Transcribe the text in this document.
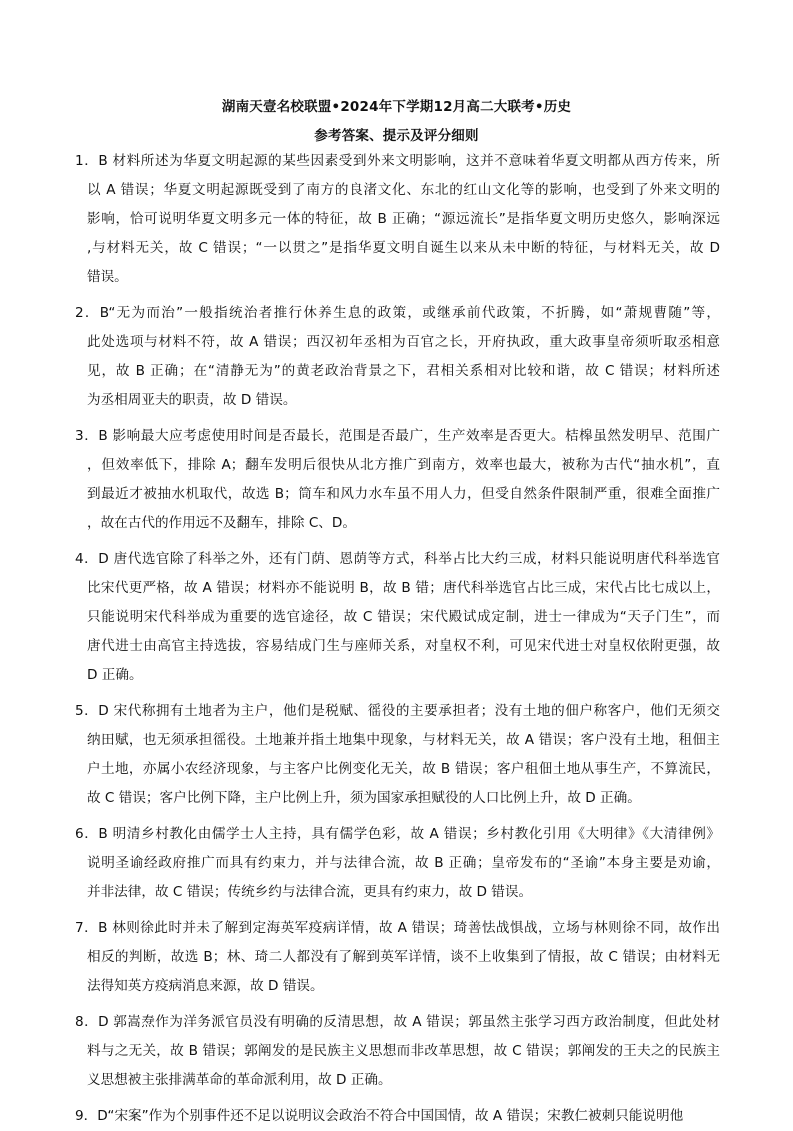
湖南天壹名校联盟•2024年下学期12月高二大联考•历史
参考答案、提示及评分细则
1．B 材料所述为华夏文明起源的某些因素受到外来文明影响，这并不意味着华夏文明都从西方传来，所
以 A 错误；华夏文明起源既受到了南方的良渚文化、东北的红山文化等的影响，也受到了外来文明的
影响，恰可说明华夏文明多元一体的特征，故 B 正确；“源远流长”是指华夏文明历史悠久，影响深远
,与材料无关，故 C 错误；“一以贯之”是指华夏文明自诞生以来从未中断的特征，与材料无关，故 D
错误。
2．B“无为而治”一般指统治者推行休养生息的政策，或继承前代政策，不折腾，如“萧规曹随”等，
此处选项与材料不符，故 A 错误；西汉初年丞相为百官之长，开府执政，重大政事皇帝须听取丞相意
见，故 B 正确；在“清静无为”的黄老政治背景之下，君相关系相对比较和谐，故 C 错误；材料所述
为丞相周亚夫的职责，故 D 错误。
3．B 影响最大应考虑使用时间是否最长，范围是否最广，生产效率是否更大。桔槔虽然发明早、范围广
，但效率低下，排除 A；翻车发明后很快从北方推广到南方，效率也最大，被称为古代“抽水机”，直
到最近才被抽水机取代，故选 B；筒车和风力水车虽不用人力，但受自然条件限制严重，很难全面推广
，故在古代的作用远不及翻车，排除 C、D。
4．D 唐代选官除了科举之外，还有门荫、恩荫等方式，科举占比大约三成，材料只能说明唐代科举选官
比宋代更严格，故 A 错误；材料亦不能说明 B，故 B 错；唐代科举选官占比三成，宋代占比七成以上，
只能说明宋代科举成为重要的选官途径，故 C 错误；宋代殿试成定制，进士一律成为“天子门生”，而
唐代进士由高官主持选拔，容易结成门生与座师关系，对皇权不利，可见宋代进士对皇权依附更强，故
D 正确。
5．D 宋代称拥有土地者为主户，他们是税赋、徭役的主要承担者；没有土地的佃户称客户，他们无须交
纳田赋，也无须承担徭役。土地兼并指土地集中现象，与材料无关，故 A 错误；客户没有土地，租佃主
户土地，亦属小农经济现象，与主客户比例变化无关，故 B 错误；客户租佃土地从事生产，不算流民，
故 C 错误；客户比例下降，主户比例上升，须为国家承担赋役的人口比例上升，故 D 正确。
6．B 明清乡村教化由儒学士人主持，具有儒学色彩，故 A 错误；乡村教化引用《大明律》《大清律例》
说明圣谕经政府推广而具有约束力，并与法律合流，故 B 正确；皇帝发布的“圣谕”本身主要是劝谕，
并非法律，故 C 错误；传统乡约与法律合流，更具有约束力，故 D 错误。
7．B 林则徐此时并未了解到定海英军疫病详情，故 A 错误；琦善怯战惧战，立场与林则徐不同，故作出
相反的判断，故选 B；林、琦二人都没有了解到英军详情，谈不上收集到了情报，故 C 错误；由材料无
法得知英方疫病消息来源，故 D 错误。
8．D 郭嵩焘作为洋务派官员没有明确的反清思想，故 A 错误；郭虽然主张学习西方政治制度，但此处材
料与之无关，故 B 错误；郭阐发的是民族主义思想而非改革思想，故 C 错误；郭阐发的王夫之的民族主
义思想被主张排满革命的革命派利用，故 D 正确。
9．D“宋案”作为个别事件还不足以说明议会政治不符合中国国情，故 A 错误；宋教仁被刺只能说明他
